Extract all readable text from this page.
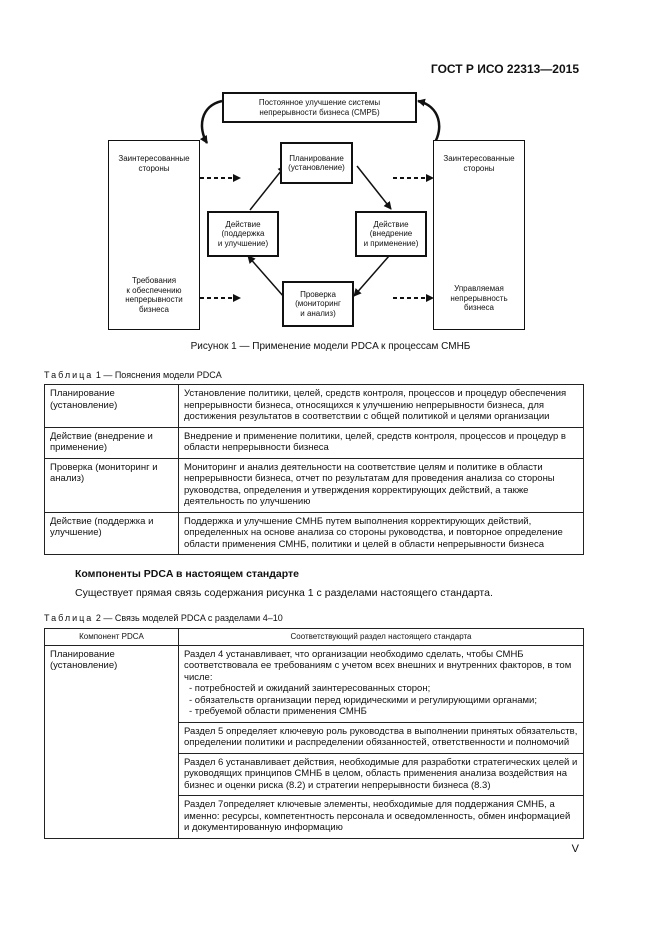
ГОСТ Р ИСО 22313—2015
Постоянное улучшение системы
непрерывности бизнеса (СМРБ)
Заинтересованные
стороны
Требования
к обеспечению
непрерывности
бизнеса
Заинтересованные
стороны
Управляемая
непрерывность
бизнеса
Планирование
(установление)
Действие
(поддержка
и улучшение)
Действие
(внедрение
и применение)
Проверка
(мониторинг
и анализ)
Рисунок 1 — Применение модели PDCA к процессам СМНБ
Таблица 1 — Пояснения модели PDCA
Планирование (установление)	Установление политики, целей, средств контроля, процессов и процедур обеспечения непрерывности бизнеса, относящихся к улучшению непрерывности бизнеса, для достижения результатов в соответствии с общей политикой и целями организации
Действие (внедрение и применение)	Внедрение и применение политики, целей, средств контроля, процессов и процедур в области непрерывности бизнеса
Проверка (мониторинг и анализ)	Мониторинг и анализ деятельности на соответствие целям и политике в области непрерывности бизнеса, отчет по результатам для проведения анализа со стороны руководства, определения и утверждения корректирующих действий, а также деятельность по улучшению
Действие (поддержка и улучшение)	Поддержка и улучшение СМНБ путем выполнения корректирующих действий, определенных на основе анализа со стороны руководства, и повторное определение области применения СМНБ, политики и целей в области непрерывности бизнеса
Компоненты PDCA в настоящем стандарте
Существует прямая связь содержания рисунка 1 с разделами настоящего стандарта.
Таблица 2 — Связь моделей PDCA с разделами 4–10
Компонент PDCA	Соответствующий раздел настоящего стандарта
Планирование (установление)	Раздел 4 устанавливает, что организации необходимо сделать, чтобы СМНБ соответствовала ее требованиям с учетом всех внешних и внутренних факторов, в том числе:
- потребностей и ожиданий заинтересованных сторон;
- обязательств организации перед юридическими и регулирующими органами;
- требуемой области применения СМНБ

	Раздел 5 определяет ключевую роль руководства в выполнении принятых обязательств, определении политики и распределении обязанностей, ответственности и полномочий
	Раздел 6 устанавливает действия, необходимые для разработки стратегических целей и руководящих принципов СМНБ в целом, область применения анализа воздействия на бизнес и оценки риска (8.2) и стратегии непрерывности бизнеса (8.3)
	Раздел 7определяет ключевые элементы, необходимые для поддержания СМНБ, а именно: ресурсы, компетентность персонала и осведомленность, обмен информацией и документированную информацию
V
